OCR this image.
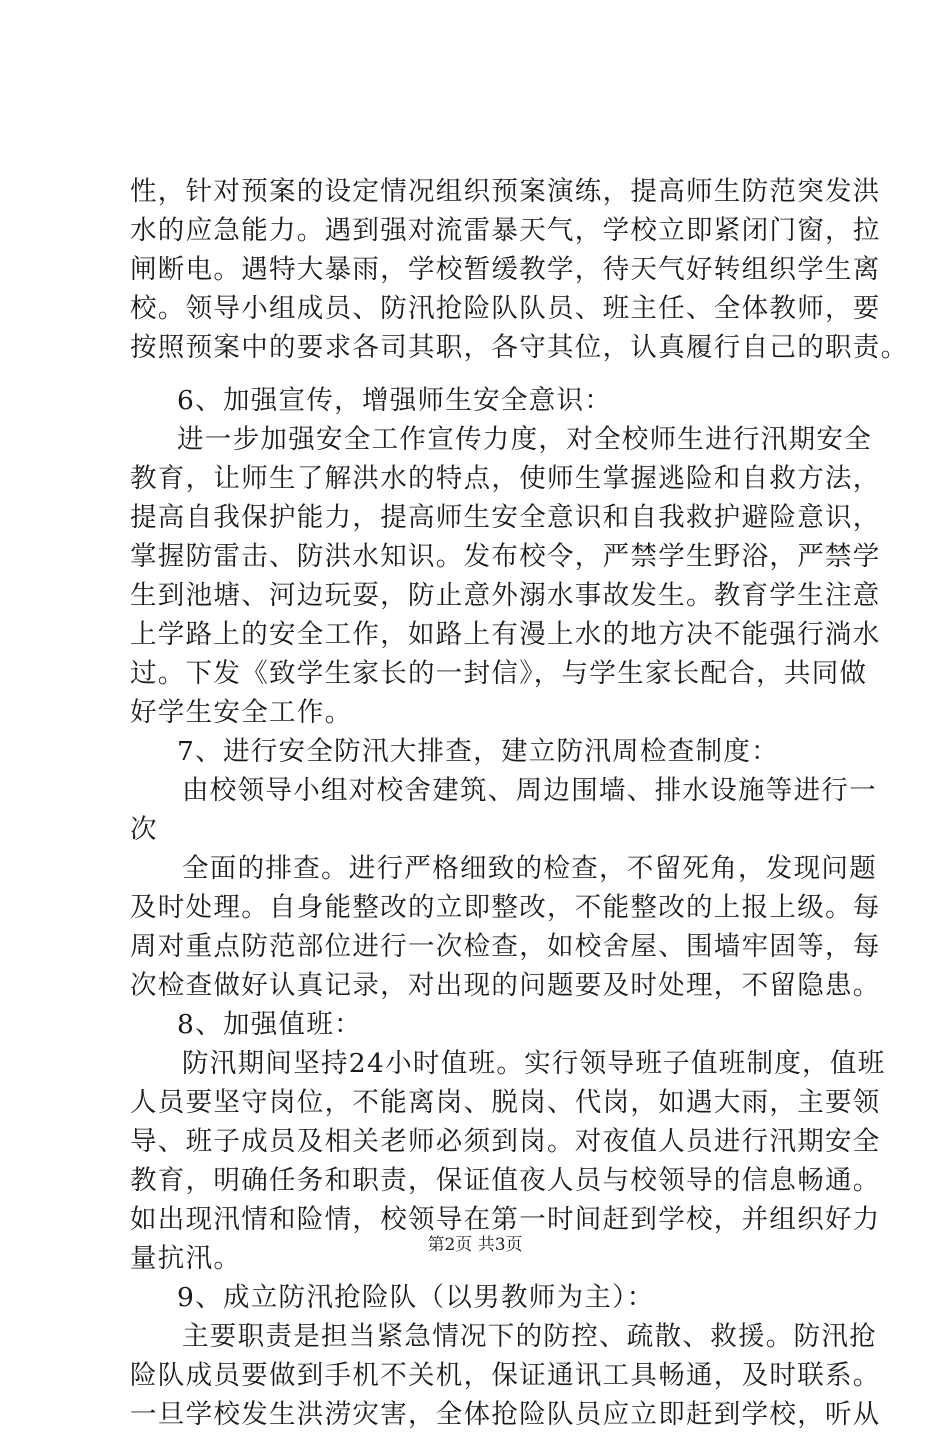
性，针对预案的设定情况组织预案演练，提高师生防范突发洪
水的应急能力。遇到强对流雷暴天气，学校立即紧闭门窗，拉
闸断电。遇特大暴雨，学校暂缓教学，待天气好转组织学生离
校。领导小组成员、防汛抢险队队员、班主任、全体教师，要
按照预案中的要求各司其职，各守其位，认真履行自己的职责。
6、加强宣传，增强师生安全意识：
进一步加强安全工作宣传力度，对全校师生进行汛期安全
教育，让师生了解洪水的特点，使师生掌握逃险和自救方法，
提高自我保护能力，提高师生安全意识和自我救护避险意识，
掌握防雷击、防洪水知识。发布校令，严禁学生野浴，严禁学
生到池塘、河边玩耍，防止意外溺水事故发生。教育学生注意
上学路上的安全工作，如路上有漫上水的地方决不能强行淌水
过。下发《致学生家长的一封信》，与学生家长配合，共同做
好学生安全工作。
7、进行安全防汛大排查，建立防汛周检查制度：
由校领导小组对校舍建筑、周边围墙、排水设施等进行一
次
全面的排查。进行严格细致的检查，不留死角，发现问题
及时处理。自身能整改的立即整改，不能整改的上报上级。每
周对重点防范部位进行一次检查，如校舍屋、围墙牢固等，每
次检查做好认真记录，对出现的问题要及时处理，不留隐患。
8、加强值班：
防汛期间坚持24小时值班。实行领导班子值班制度，值班
人员要坚守岗位，不能离岗、脱岗、代岗，如遇大雨，主要领
导、班子成员及相关老师必须到岗。对夜值人员进行汛期安全
教育，明确任务和职责，保证值夜人员与校领导的信息畅通。
如出现汛情和险情，校领导在第一时间赶到学校，并组织好力
量抗汛。
9、成立防汛抢险队（以男教师为主）：
主要职责是担当紧急情况下的防控、疏散、救援。防汛抢
险队成员要做到手机不关机，保证通讯工具畅通，及时联系。
一旦学校发生洪涝灾害，全体抢险队员应立即赶到学校，听从
第2页 共3页
